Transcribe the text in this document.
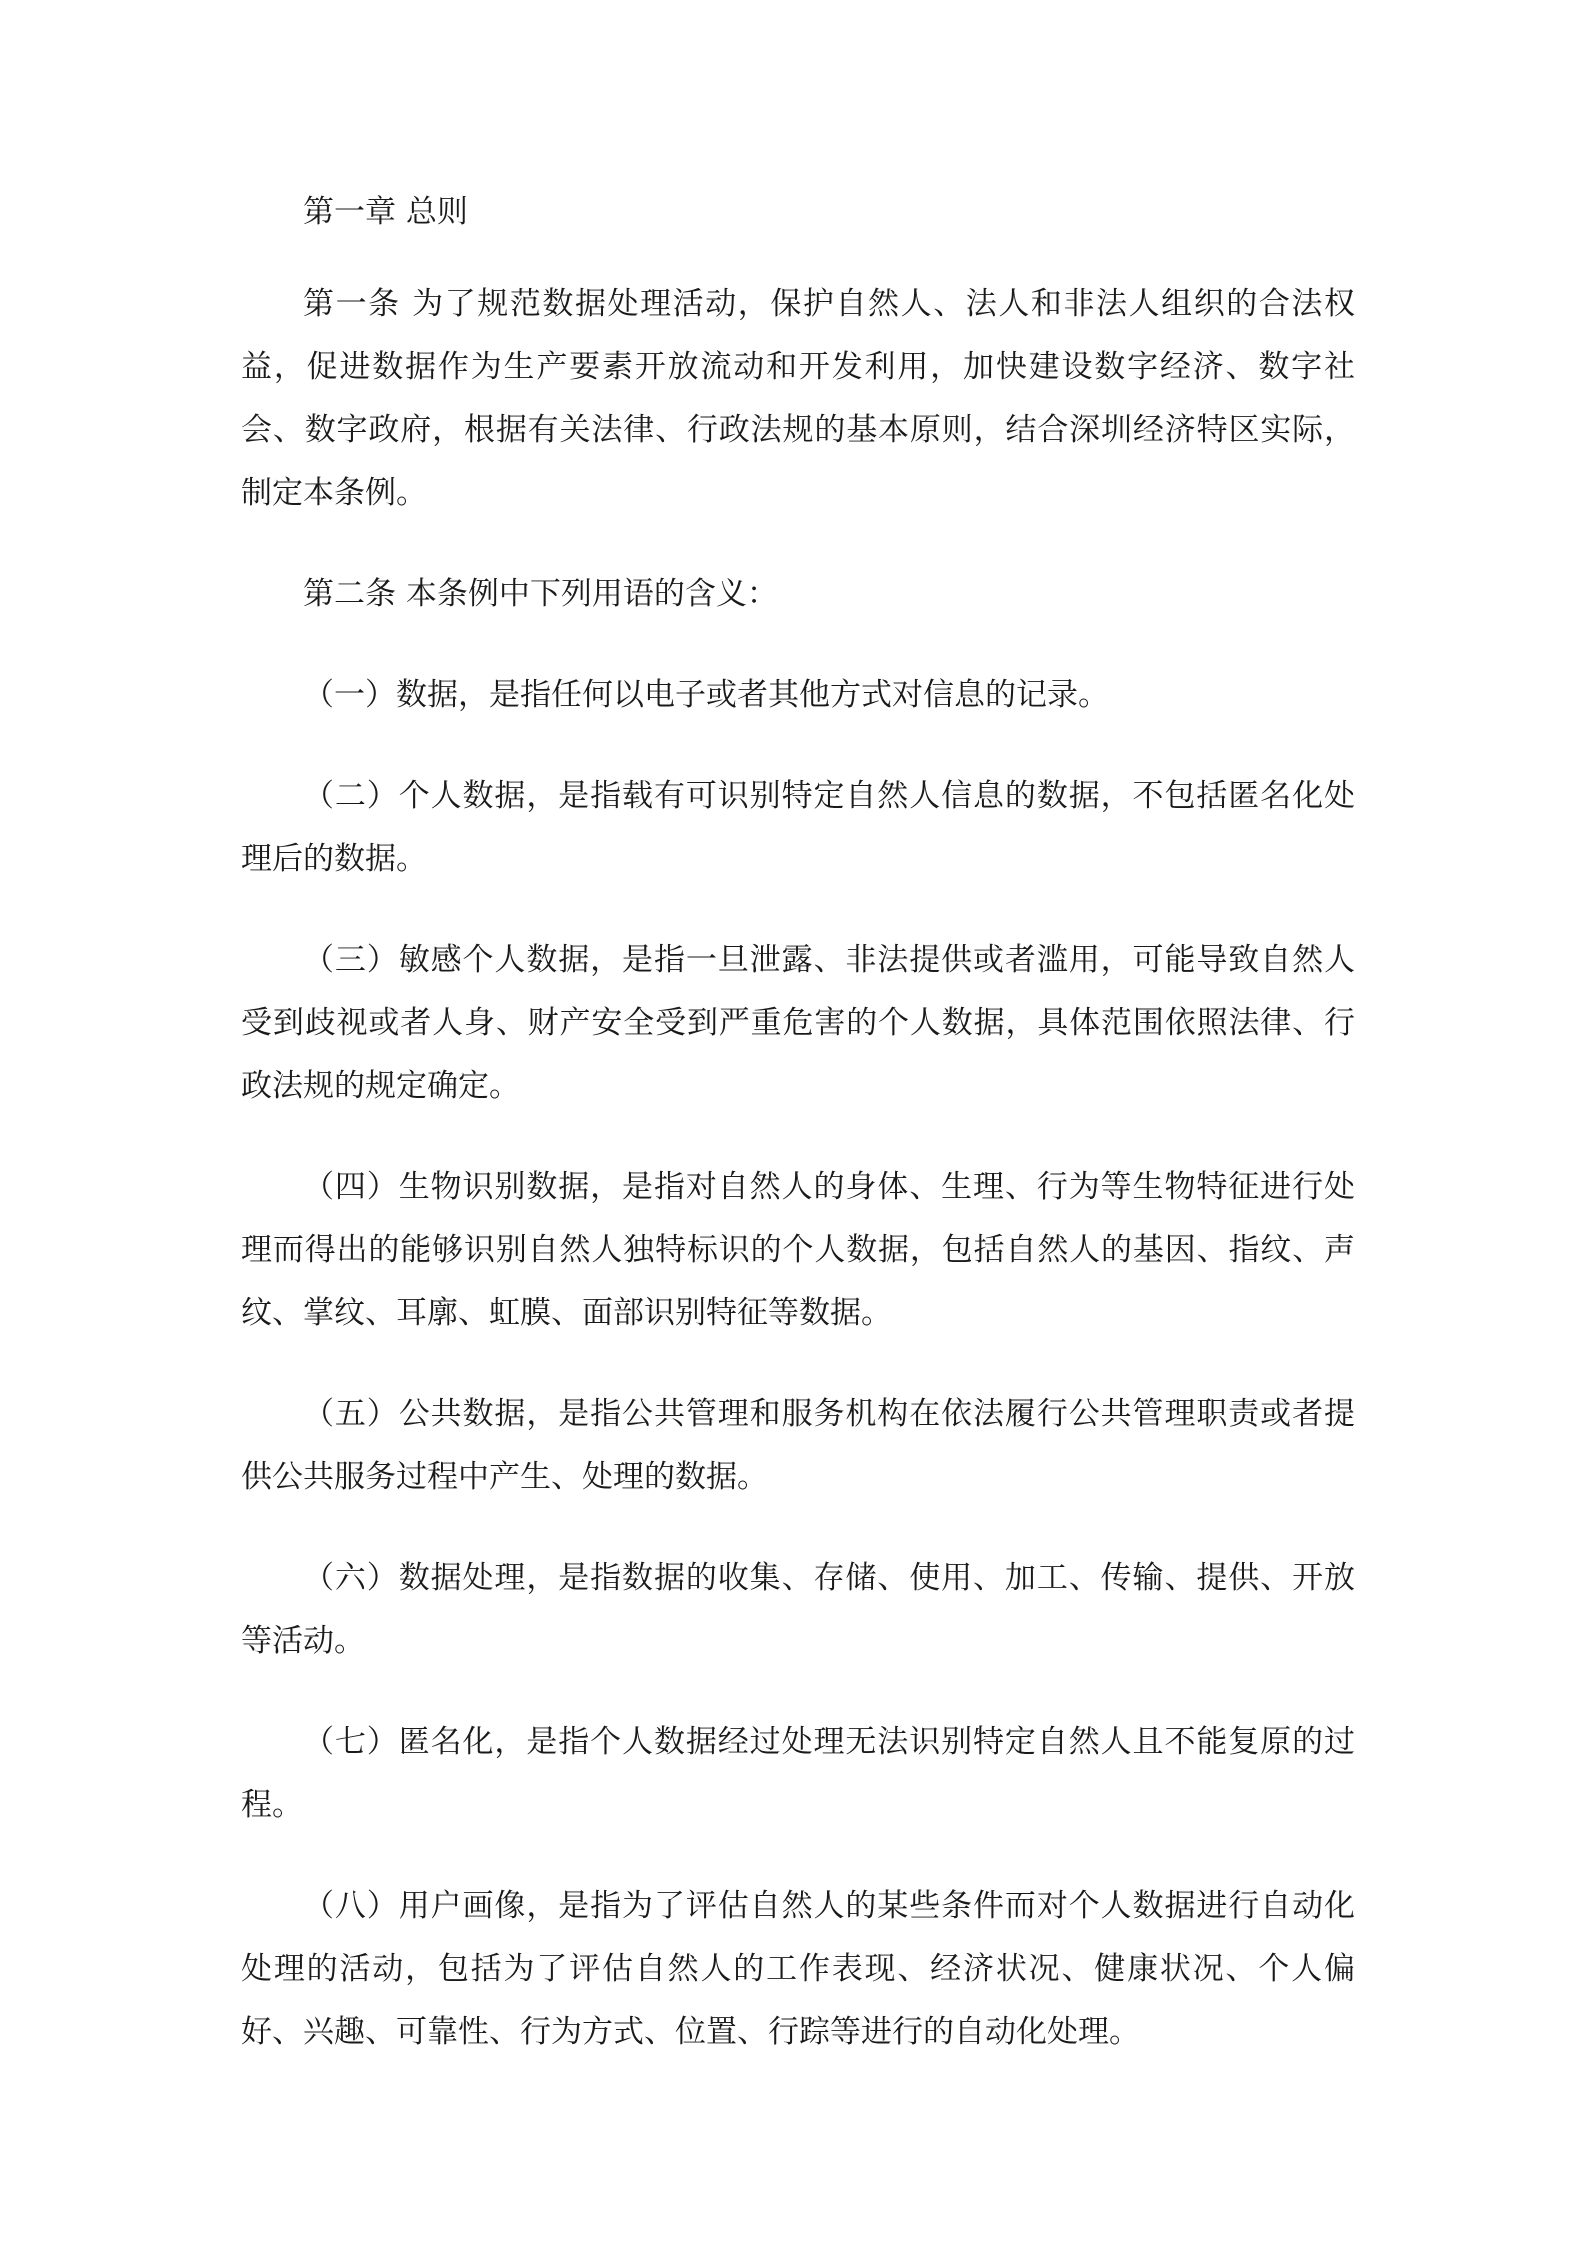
第一章 总则

第一条 为了规范数据处理活动，保护自然人、法人和非法人组织的合法权益，促进数据作为生产要素开放流动和开发利用，加快建设数字经济、数字社会、数字政府，根据有关法律、行政法规的基本原则，结合深圳经济特区实际，制定本条例。

第二条 本条例中下列用语的含义：

（一）数据，是指任何以电子或者其他方式对信息的记录。

（二）个人数据，是指载有可识别特定自然人信息的数据，不包括匿名化处理后的数据。

（三）敏感个人数据，是指一旦泄露、非法提供或者滥用，可能导致自然人受到歧视或者人身、财产安全受到严重危害的个人数据，具体范围依照法律、行政法规的规定确定。

（四）生物识别数据，是指对自然人的身体、生理、行为等生物特征进行处理而得出的能够识别自然人独特标识的个人数据，包括自然人的基因、指纹、声纹、掌纹、耳廓、虹膜、面部识别特征等数据。

（五）公共数据，是指公共管理和服务机构在依法履行公共管理职责或者提供公共服务过程中产生、处理的数据。

（六）数据处理，是指数据的收集、存储、使用、加工、传输、提供、开放等活动。

（七）匿名化，是指个人数据经过处理无法识别特定自然人且不能复原的过程。

（八）用户画像，是指为了评估自然人的某些条件而对个人数据进行自动化处理的活动，包括为了评估自然人的工作表现、经济状况、健康状况、个人偏好、兴趣、可靠性、行为方式、位置、行踪等进行的自动化处理。
